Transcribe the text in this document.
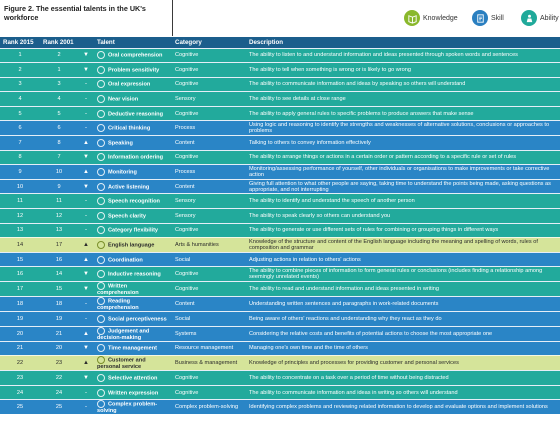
Figure 2. The essential talents in the UK's workforce	Knowledge	Skill	Ability
Rank 2015	Rank 2001		Talent	Category	Description
1	2	▼	Oral comprehension	Cognitive	The ability to listen to and understand information and ideas presented through spoken words and sentences
2	1	▼	Problem sensitivity	Cognitive	The ability to tell when something is wrong or is likely to go wrong
3	3	-	Oral expression	Cognitive	The ability to communicate information and ideas by speaking so others will understand
4	4	-	Near vision	Sensory	The ability to see details at close range
5	5	-	Deductive reasoning	Cognitive	The ability to apply general rules to specific problems to produce answers that make sense
6	6	-	Critical thinking	Process	Using logic and reasoning to identify the strengths and weaknesses of alternative solutions, conclusions or approaches to problems
7	8	▲	Speaking	Content	Talking to others to convey information effectively
8	7	▼	Information ordering	Cognitive	The ability to arrange things or actions in a certain order or pattern according to a specific rule or set of rules
9	10	▲	Monitoring	Process	Monitoring/assessing performance of yourself, other individuals or organisations to make improvements or take corrective action
10	9	▼	Active listening	Content	Giving full attention to what other people are saying, taking time to understand the points being made, asking questions as appropriate, and not interrupting
11	11	-	Speech recognition	Sensory	The ability to identify and understand the speech of another person
12	12	-	Speech clarity	Sensory	The ability to speak clearly so others can understand you
13	13	-	Category flexibility	Cognitive	The ability to generate or use different sets of rules for combining or grouping things in different ways
14	17	▲	English language	Arts & humanities	Knowledge of the structure and content of the English language including the meaning and spelling of words, rules of composition and grammar
15	16	▲	Coordination	Social	Adjusting actions in relation to others' actions
16	14	▼	Inductive reasoning	Cognitive	The ability to combine pieces of information to form general rules or conclusions (includes finding a relationship among seemingly unrelated events)
17	15	▼	Written comprehension	Cognitive	The ability to read and understand information and ideas presented in writing
18	18	-	Reading comprehension	Content	Understanding written sentences and paragraphs in work-related documents
19	19	-	Social perceptiveness	Social	Being aware of others' reactions and understanding why they react as they do
20	21	▲	Judgement and decision-making	Systems	Considering the relative costs and benefits of potential actions to choose the most appropriate one
21	20	▼	Time management	Resource management	Managing one's own time and the time of others
22	23	▲	Customer and personal service	Business & management	Knowledge of principles and processes for providing customer and personal services
23	22	▼	Selective attention	Cognitive	The ability to concentrate on a task over a period of time without being distracted
24	24	-	Written expression	Cognitive	The ability to communicate information and ideas in writing so others will understand
25	25	-	Complex problem-solving	Complex problem-solving	Identifying complex problems and reviewing related information to develop and evaluate options and implement solutions
